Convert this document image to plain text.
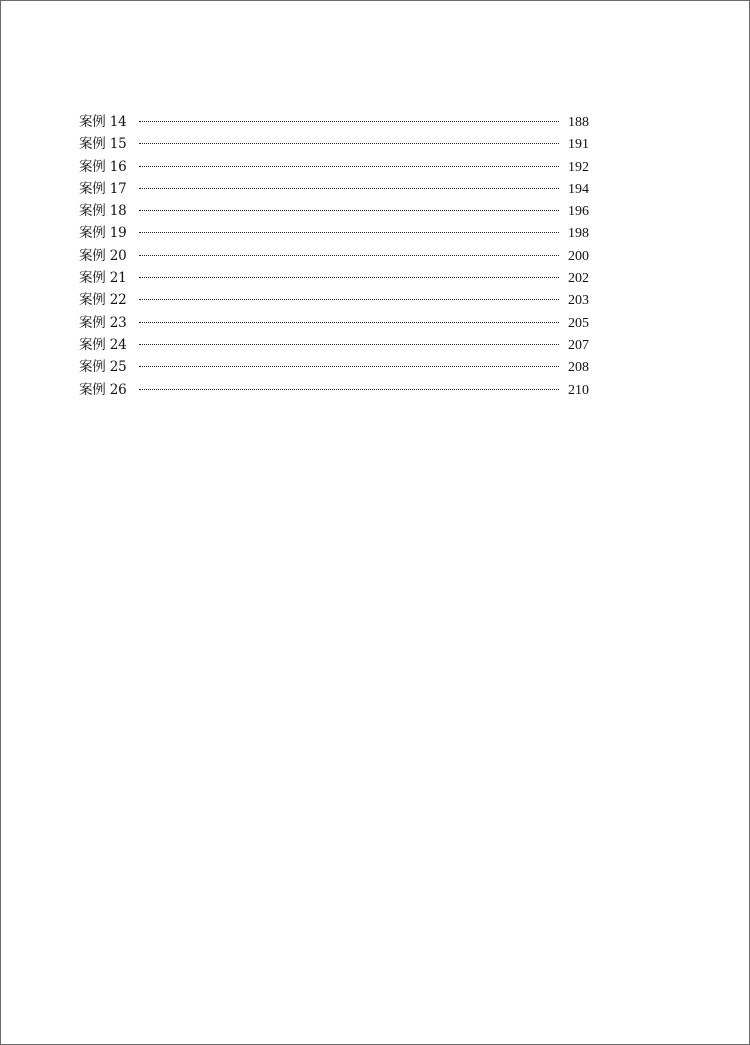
案例 14	188
案例 15	191
案例 16	192
案例 17	194
案例 18	196
案例 19	198
案例 20	200
案例 21	202
案例 22	203
案例 23	205
案例 24	207
案例 25	208
案例 26	210
